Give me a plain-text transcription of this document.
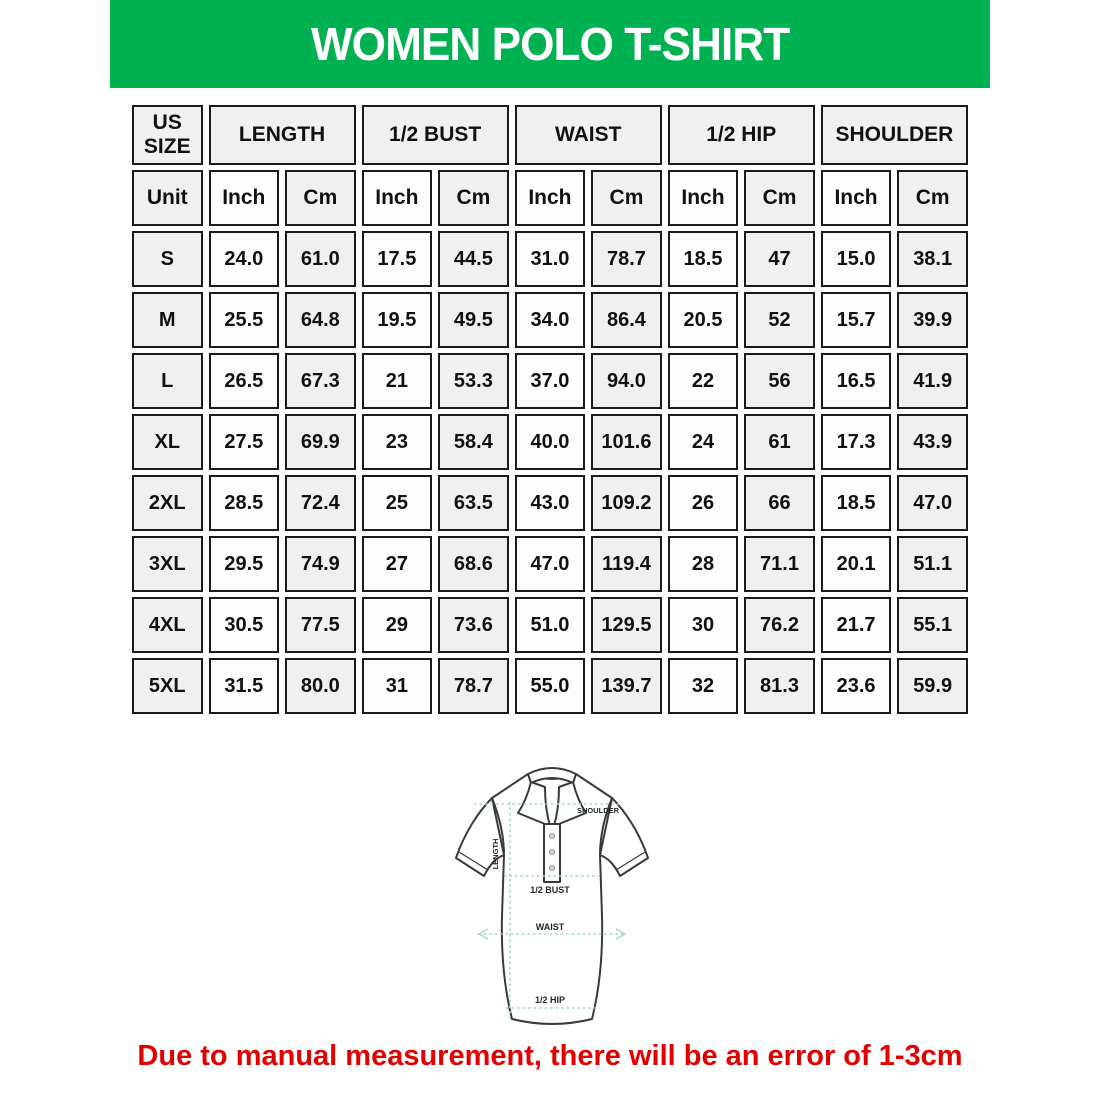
WOMEN POLO T-SHIRT
US SIZE	LENGTH		1/2 BUST		WAIST		1/2 HIP		SHOULDER	
Unit	Inch	Cm	Inch	Cm	Inch	Cm	Inch	Cm	Inch	Cm
S	24.0	61.0	17.5	44.5	31.0	78.7	18.5	47	15.0	38.1
M	25.5	64.8	19.5	49.5	34.0	86.4	20.5	52	15.7	39.9
L	26.5	67.3	21	53.3	37.0	94.0	22	56	16.5	41.9
XL	27.5	69.9	23	58.4	40.0	101.6	24	61	17.3	43.9
2XL	28.5	72.4	25	63.5	43.0	109.2	26	66	18.5	47.0
3XL	29.5	74.9	27	68.6	47.0	119.4	28	71.1	20.1	51.1
4XL	30.5	77.5	29	73.6	51.0	129.5	30	76.2	21.7	55.1
5XL	31.5	80.0	31	78.7	55.0	139.7	32	81.3	23.6	59.9
SHOULDER
LENGTH
1/2 BUST
WAIST
1/2 HIP

Due to manual measurement, there will be an error of 1-3cm
